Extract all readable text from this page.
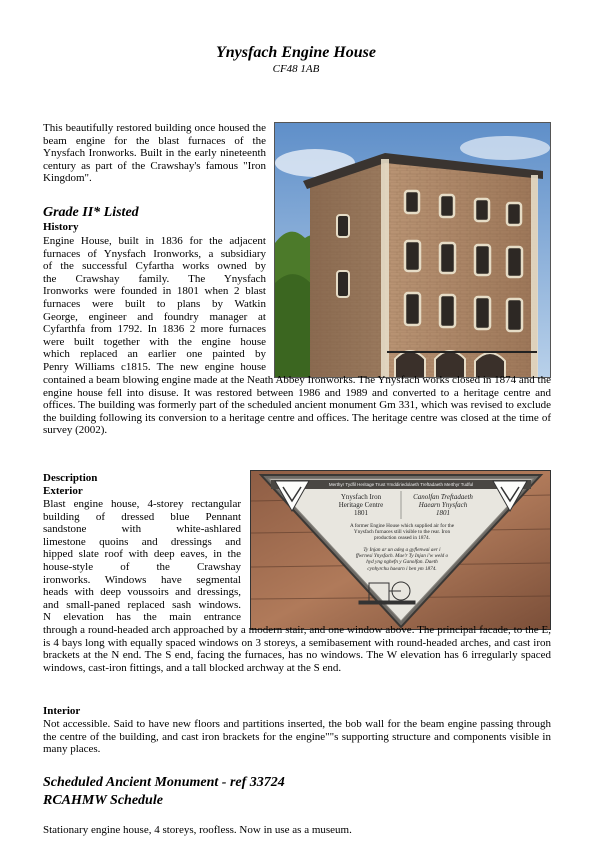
Ynysfach Engine House
CF48 1AB

This beautifully restored building once housed the beam engine for the blast furnaces of the Ynysfach Ironworks. Built in the early nineteenth century as part of the Crawshay's famous "Iron Kingdom".

Grade II* Listed
History

Engine House, built in 1836 for the adjacent

furnaces of Ynysfach Ironworks, a subsidiary

of the successful Cyfartha works owned by

the Crawshay family. The Ynysfach

Ironworks were founded in 1801 when 2 blast

furnaces were built to plans by Watkin

George, engineer and foundry manager at

Cyfarthfa from 1792. In 1836 2 more furnaces

were built together with the engine house

which replaced an earlier one painted by

Penry Williams c1815. The new engine house

contained a beam blowing engine made at the Neath Abbey Ironworks. The Ynysfach works closed in 1874 and the engine house fell into disuse. It was restored between 1986 and 1989 and converted to a heritage centre and offices. The building was formerly part of the scheduled ancient monument Gm 331, which was revised to exclude the building following its conversion to a heritage centre and offices. The heritage centre was closed at the time of survey (2002).

Description
Exterior

Blast engine house, 4-storey rectangular

building of dressed blue Pennant

sandstone with white-ashlared

limestone quoins and dressings and

hipped slate roof with deep eaves, in the

house-style of the Crawshay

ironworks. Windows have segmental

heads with deep voussoirs and dressings,

and small-paned replaced sash windows.

N elevation has the main entrance

Merthyr Tydfil Heritage Trust Ymddiriedolaeth Treftadaeth Merthyr Tudful
Ynysfach Iron
Heritage Centre
1801
Canolfan Treftadaeth
Haearn Ynysfach
1801
A former Engine House which supplied air for the Ynysfach furnaces still visible to the rear. Iron production ceased in 1874.
Ty Injan ar un adeg a gyflenwai aer i ffwrnesi Ynysfach. Mae'r Ty Injan i'w weld o hyd yng nghefn y Ganolfan. Daeth cynhyrchu haearn i ben ym 1874.

through a round-headed arch approached by a modern stair, and one window above. The principal facade, to the E, is 4 bays long with equally spaced windows on 3 storeys, a semibasement with round-headed arches, and cast iron brackets at the N end. The S end, facing the furnaces, has no windows. The W elevation has 6 irregularly spaced windows, cast-iron fittings, and a tall blocked archway at the S end.

Interior

Not accessible. Said to have new floors and partitions inserted, the bob wall for the beam engine passing through the centre of the building, and cast iron brackets for the engine""s supporting structure and components visible in many places.

Scheduled Ancient Monument - ref 33724
RCAHMW Schedule

Stationary engine house, 4 storeys, roofless. Now in use as a museum.
